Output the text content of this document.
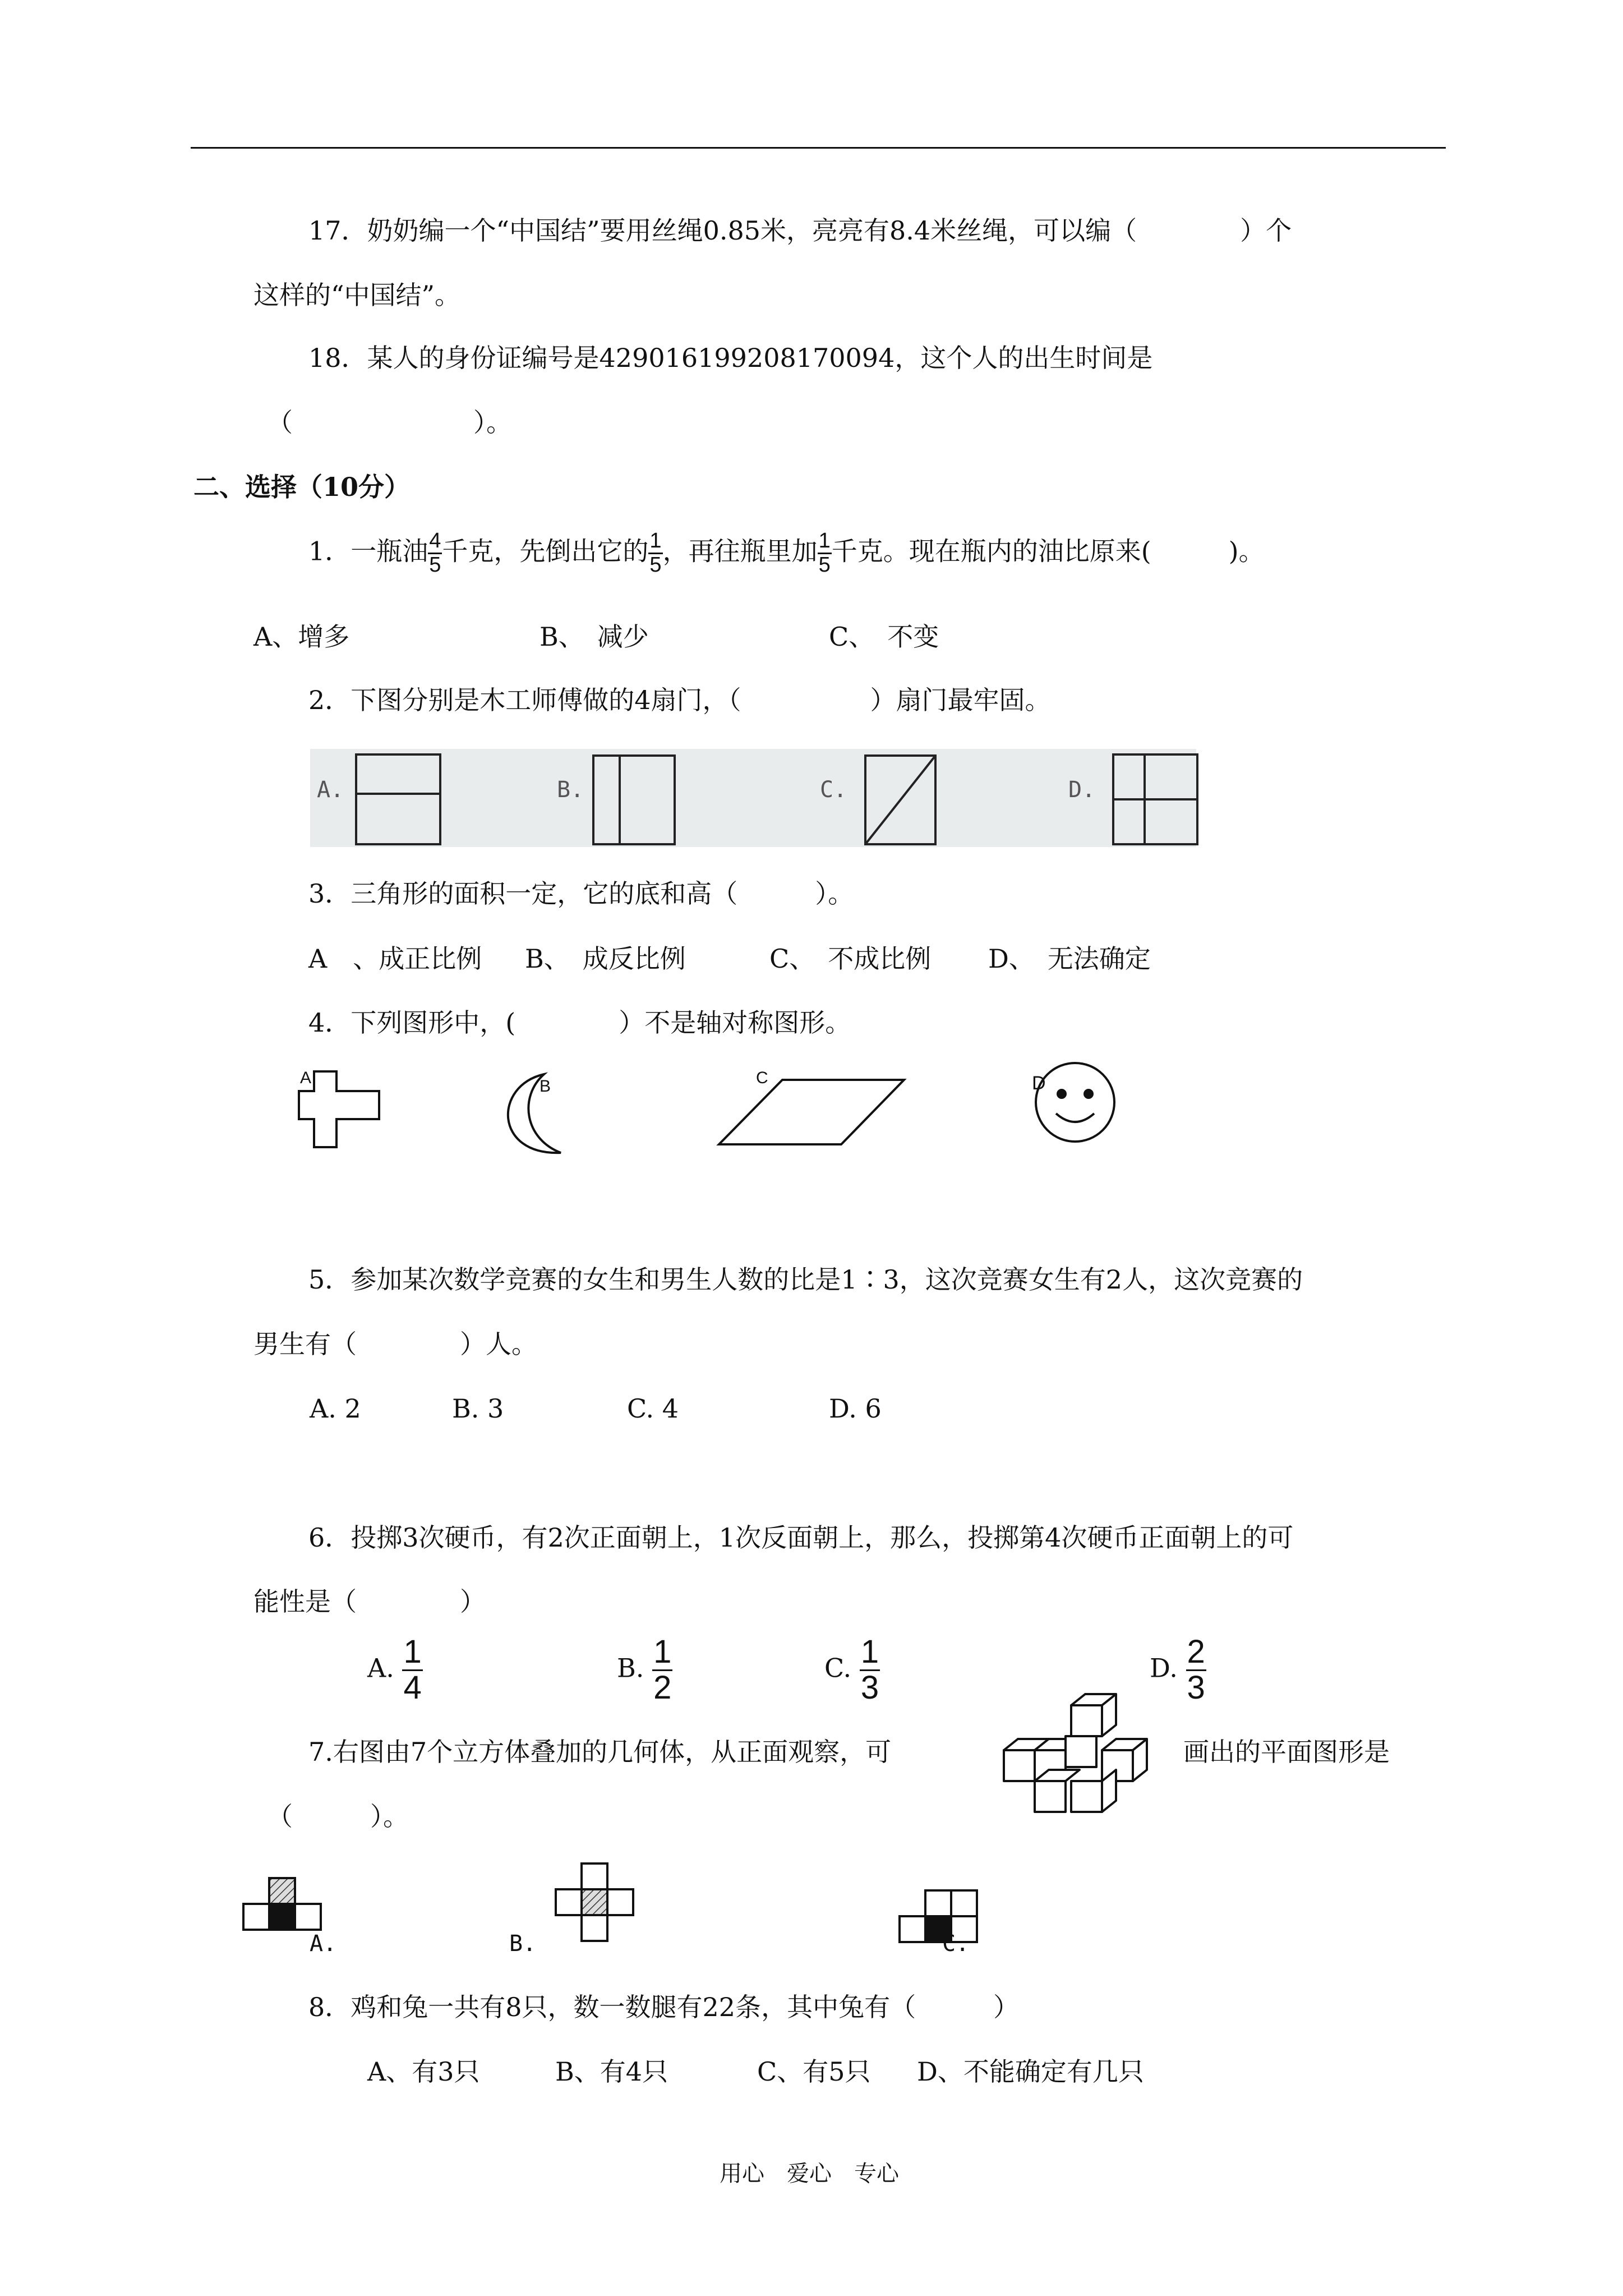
17．奶奶编一个“中国结”要用丝绳0.85米，亮亮有8.4米丝绳，可以编（　　　　）个
这样的“中国结”。
18．某人的身份证编号是429016199208170094，这个人的出生时间是
（　　　　　　　）。
二、选择（10分）
1．一瓶油 $\frac{4}{5}$ 千克，先倒出它的 $\frac{1}{5}$ ，再往瓶里加 $\frac{1}{5}$ 千克。现在瓶内的油比原来(　　　)。
A、增多	B、　减少	C、　不变
2．下图分别是木工师傅做的4扇门，（　　　　　）扇门最牢固。
A.	B.	C.	D.
3．三角形的面积一定，它的底和高（　　　）。
A　、成正比例 B、　成反比例	C、　不成比例 D、　无法确定
4．下列图形中，(　　　　）不是轴对称图形。
A	B	C	D
5．参加某次数学竞赛的女生和男生人数的比是1∶3，这次竞赛女生有2人，这次竞赛的
男生有（　　　　）人。
A. 2	B. 3	C. 4	D. 6
6．投掷3次硬币，有2次正面朝上，1次反面朝上，那么，投掷第4次硬币正面朝上的可
能性是（　　　　）
A. $\frac{1}{4}$	B. $\frac{1}{2}$	C. $\frac{1}{3}$	D. $\frac{2}{3}$
7.右图由7个立方体叠加的几何体，从正面观察，可	画出的平面图形是
（　　　）。
A.	B.	C.
8．鸡和兔一共有8只，数一数腿有22条，其中兔有（　　　）
A、有3只	B、有4只	C、有5只 D、不能确定有几只
用心　爱心　专心
